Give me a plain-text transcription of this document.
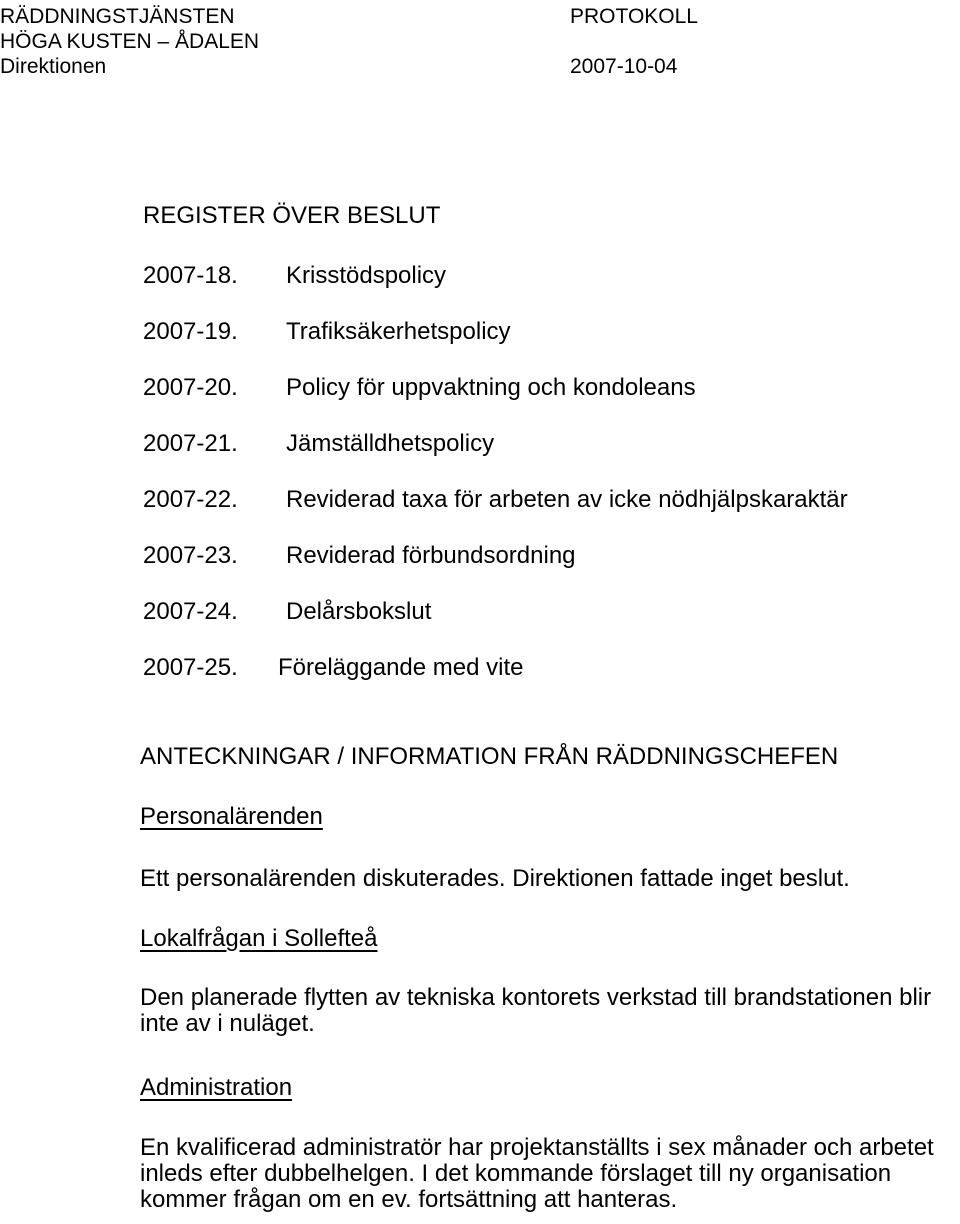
RÄDDNINGSTJÄNSTEN
HÖGA KUSTEN – ÅDALEN
Direktionen
PROTOKOLL
2007-10-04
REGISTER ÖVER BESLUT
2007-18. Krisstödspolicy
2007-19. Trafiksäkerhetspolicy
2007-20. Policy för uppvaktning och kondoleans
2007-21. Jämställdhetspolicy
2007-22. Reviderad taxa för arbeten av icke nödhjälpskaraktär
2007-23. Reviderad förbundsordning
2007-24. Delårsbokslut
2007-25. Föreläggande med vite
ANTECKNINGAR / INFORMATION FRÅN RÄDDNINGSCHEFEN
Personalärenden
Ett personalärenden diskuterades. Direktionen fattade inget beslut.
Lokalfrågan i Sollefteå
Den planerade flytten av tekniska kontorets verkstad till brandstationen blir inte av i nuläget.
Administration
En kvalificerad administratör har projektanställts i sex månader och arbetet inleds efter dubbelhelgen. I det kommande förslaget till ny organisation kommer frågan om en ev. fortsättning att hanteras.
